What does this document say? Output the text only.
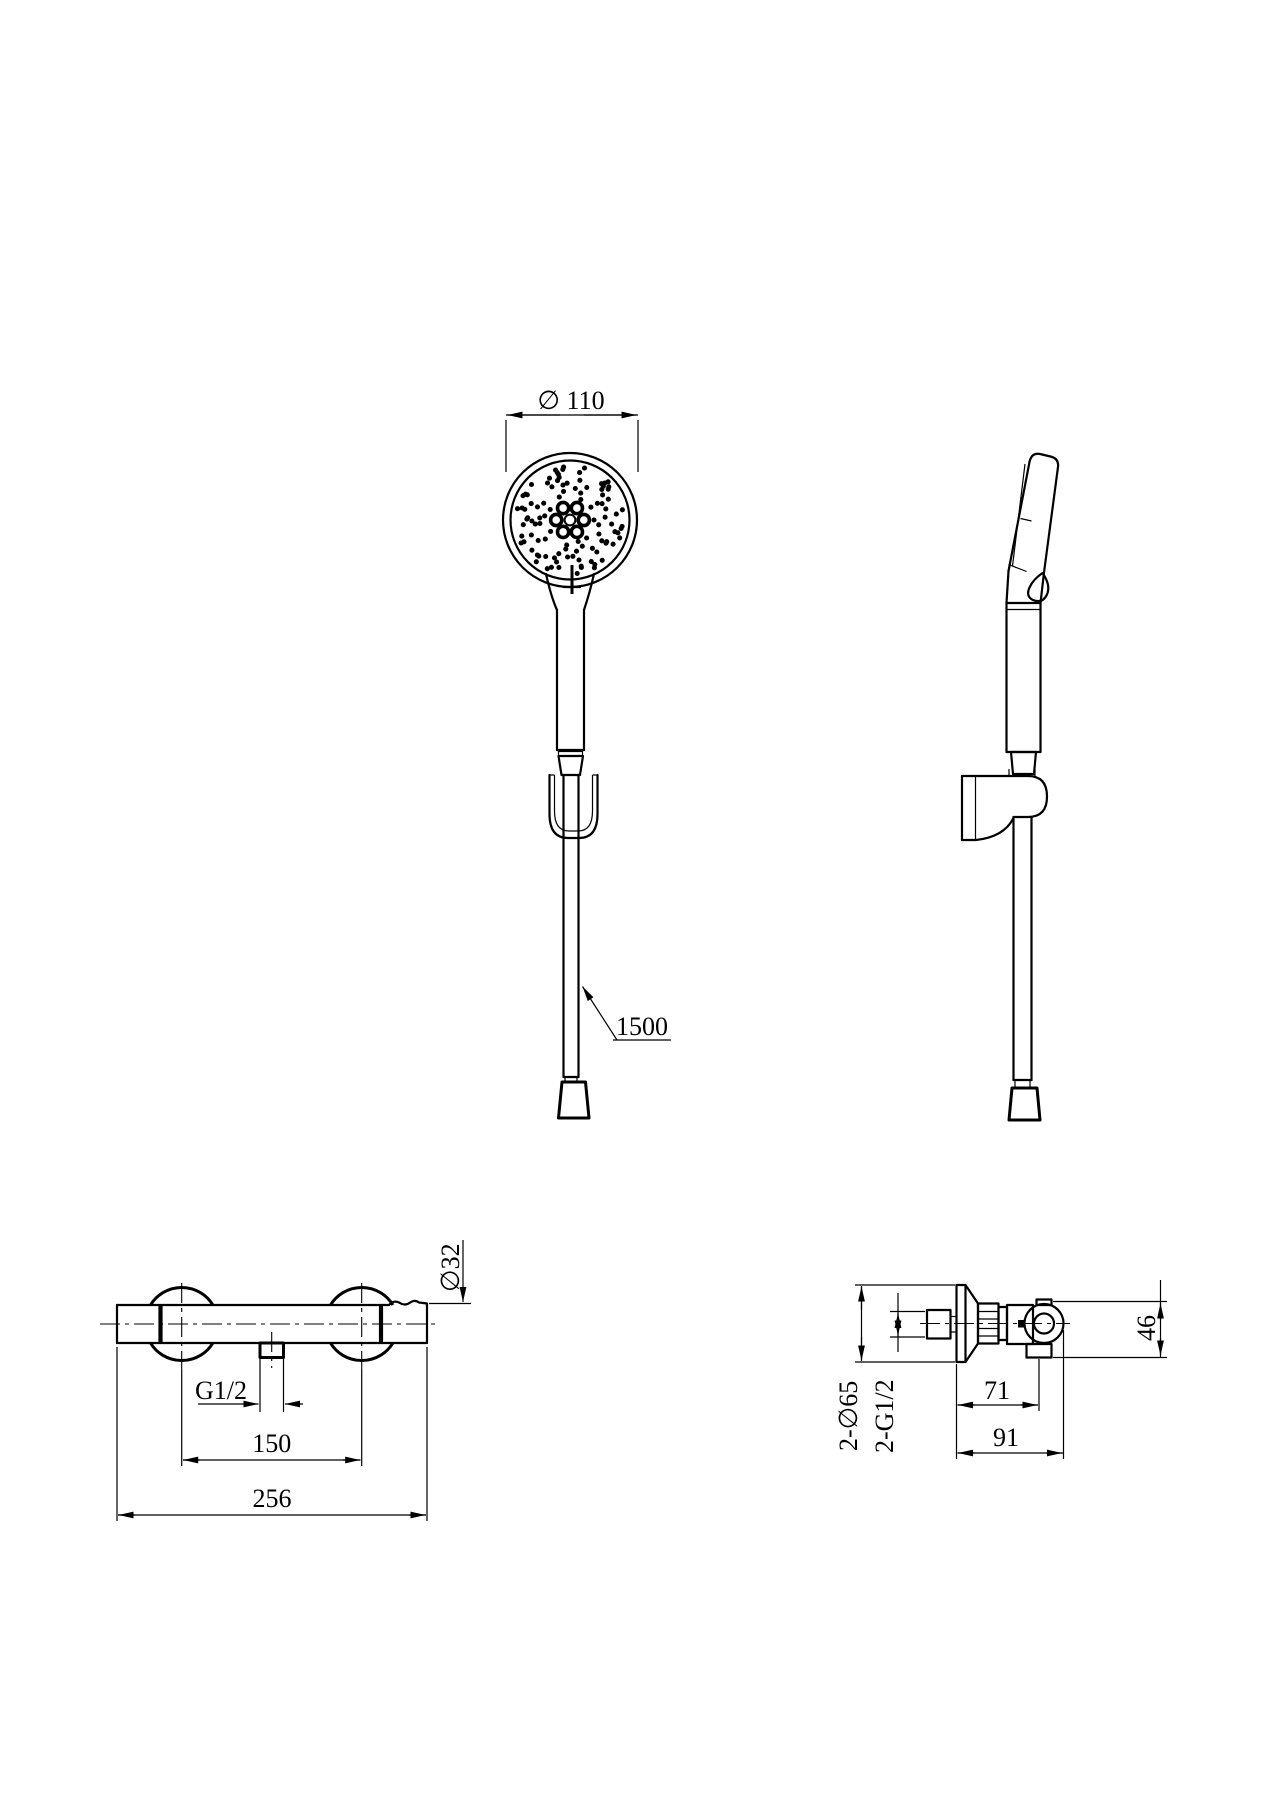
∅ 110
1500
∅32
G1/2
150
256
2-∅65 2-G1/2	71
91
46
